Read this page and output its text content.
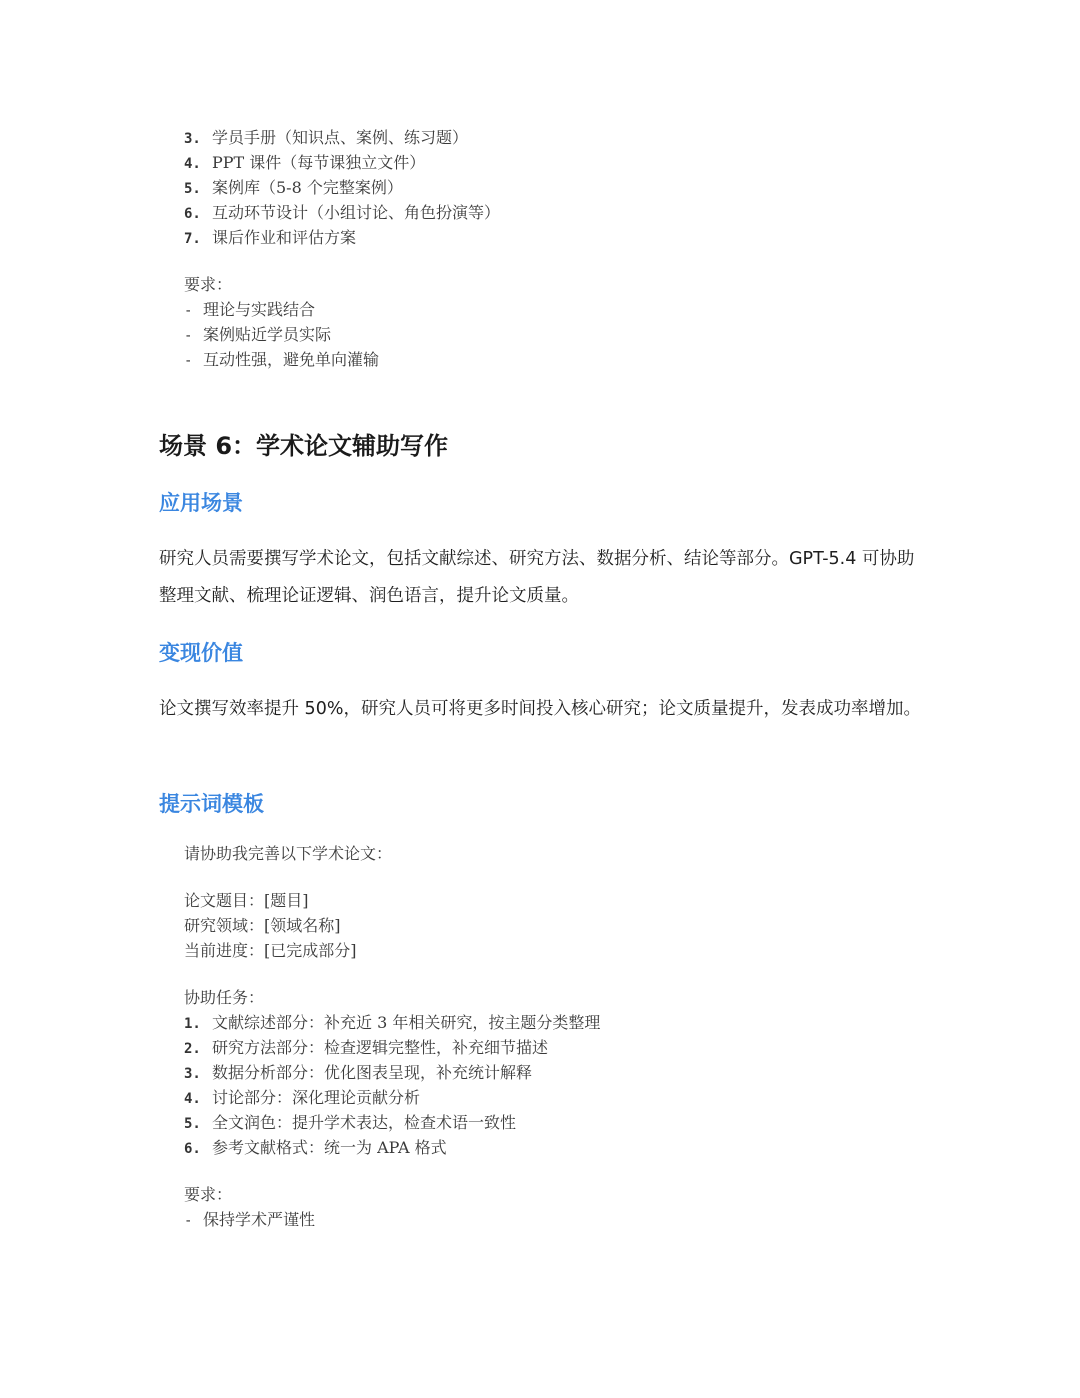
3. 学员手册（知识点、案例、练习题）
4. PPT 课件（每节课独立文件）
5. 案例库（5-8 个完整案例）
6. 互动环节设计（小组讨论、角色扮演等）
7. 课后作业和评估方案
要求：
- 理论与实践结合
- 案例贴近学员实际
- 互动性强，避免单向灌输
场景 6：学术论文辅助写作
应用场景

研究人员需要撰写学术论文，包括文献综述、研究方法、数据分析、结论等部分。GPT-5.4 可协助整理文献、梳理论证逻辑、润色语言，提升论文质量。

变现价值

论文撰写效率提升 50%，研究人员可将更多时间投入核心研究；论文质量提升，发表成功率增加。

提示词模板
请协助我完善以下学术论文：
论文题目：[题目]
研究领域：[领域名称]
当前进度：[已完成部分]
协助任务：
1. 文献综述部分：补充近 3 年相关研究，按主题分类整理
2. 研究方法部分：检查逻辑完整性，补充细节描述
3. 数据分析部分：优化图表呈现，补充统计解释
4. 讨论部分：深化理论贡献分析
5. 全文润色：提升学术表达，检查术语一致性
6. 参考文献格式：统一为 APA 格式
要求：
- 保持学术严谨性
